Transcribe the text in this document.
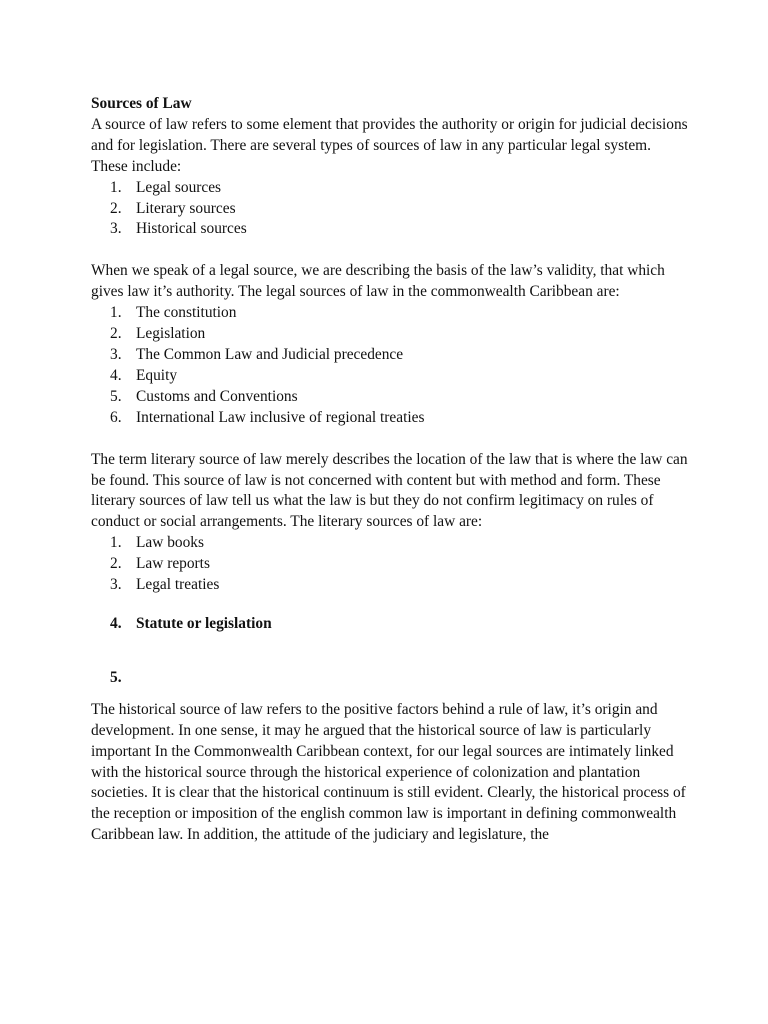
Sources of Law

A source of law refers to some element that provides the authority or origin for judicial decisions and for legislation. There are several types of sources of law in any particular legal system. These include:

1. Legal sources
2. Literary sources
3. Historical sources

When we speak of a legal source, we are describing the basis of the law’s validity, that which gives law it’s authority. The legal sources of law in the commonwealth Caribbean are:

1. The constitution
2. Legislation
3. The Common Law and Judicial precedence
4. Equity
5. Customs and Conventions
6. International Law inclusive of regional treaties

The term literary source of law merely describes the location of the law that is where the law can be found. This source of law is not concerned with content but with method and form. These literary sources of law tell us what the law is but they do not confirm legitimacy on rules of conduct or social arrangements. The literary sources of law are:

1. Law books
2. Law reports
3. Legal treaties
4. Statute or legislation
5.

The historical source of law refers to the positive factors behind a rule of law, it’s origin and development. In one sense, it may he argued that the historical source of law is particularly important In the Commonwealth Caribbean context, for our legal sources are intimately linked with the historical source through the historical experience of colonization and plantation societies. It is clear that the historical continuum is still evident. Clearly, the historical process of the reception or imposition of the english common law is important in defining commonwealth Caribbean law. In addition, the attitude of the judiciary and legislature, the
